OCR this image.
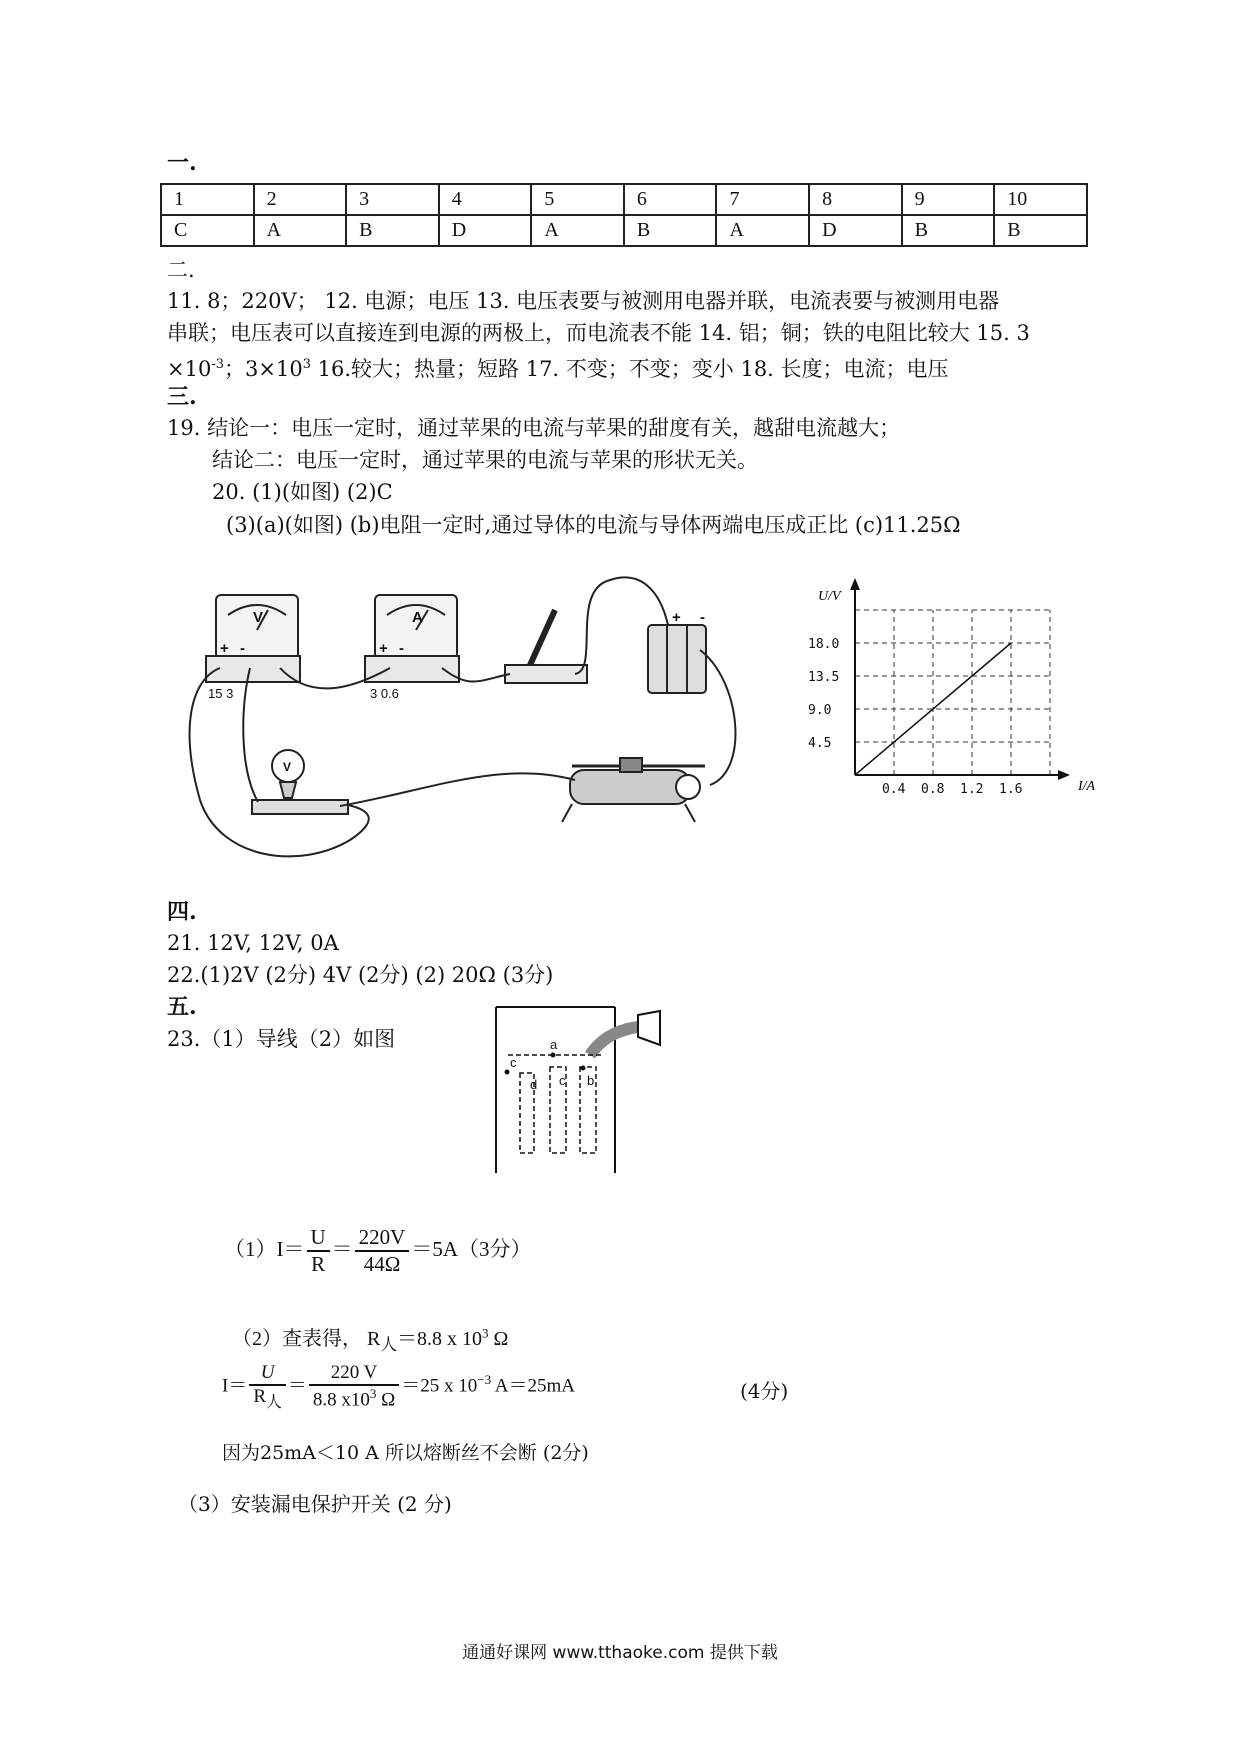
一.
1	2	3	4	5	6	7	8	9	10
C	A	B	D	A	B	A	D	B	B
二.
11. 8；220V； 12. 电源；电压 13. 电压表要与被测用电器并联，电流表要与被测用电器
串联；电压表可以直接连到电源的两极上，而电流表不能 14. 铝；铜；铁的电阻比较大 15. 3
$\times 10^{-3}$；$3\times 10^3$ 16.较大；热量；短路 17. 不变；不变；变小 18. 长度；电流；电压
三.
19. 结论一：电压一定时，通过苹果的电流与苹果的甜度有关，越甜电流越大；
结论二：电压一定时，通过苹果的电流与苹果的形状无关。
20. (1)(如图) (2)C
(3)(a)(如图) (b)电阻一定时,通过导体的电流与导体两端电压成正比 (c)11.25Ω
V	A
+ -	+ -
+ -
V
15 3	3 0.6
0.4 0.8 1.2 1.6
4.5
9.0
13.5
18.0
I/A
U/V
四.
21. 12V, 12V, 0A
22.(1)2V (2分) 4V (2分) (2) 20Ω (3分)
五.
23.（1）导线（2）如图	a
c
d c b
$(1)I= \frac{U}{R} = \frac{220V}{44\Omega} =5A(3$分）
（2）查表得， $R_人=8.8$ x $10^3$ Ω
$I= \frac{U}{R_人} = \frac{220 V}{8.8 x10^3 \Omega} =25$ x $10^{-3}$ A＝25mA	(4分)
因为25mA＜10 A 所以熔断丝不会断 (2分)
（3）安装漏电保护开关 (2 分)
通通好课网 www.tthaoke.com 提供下载
